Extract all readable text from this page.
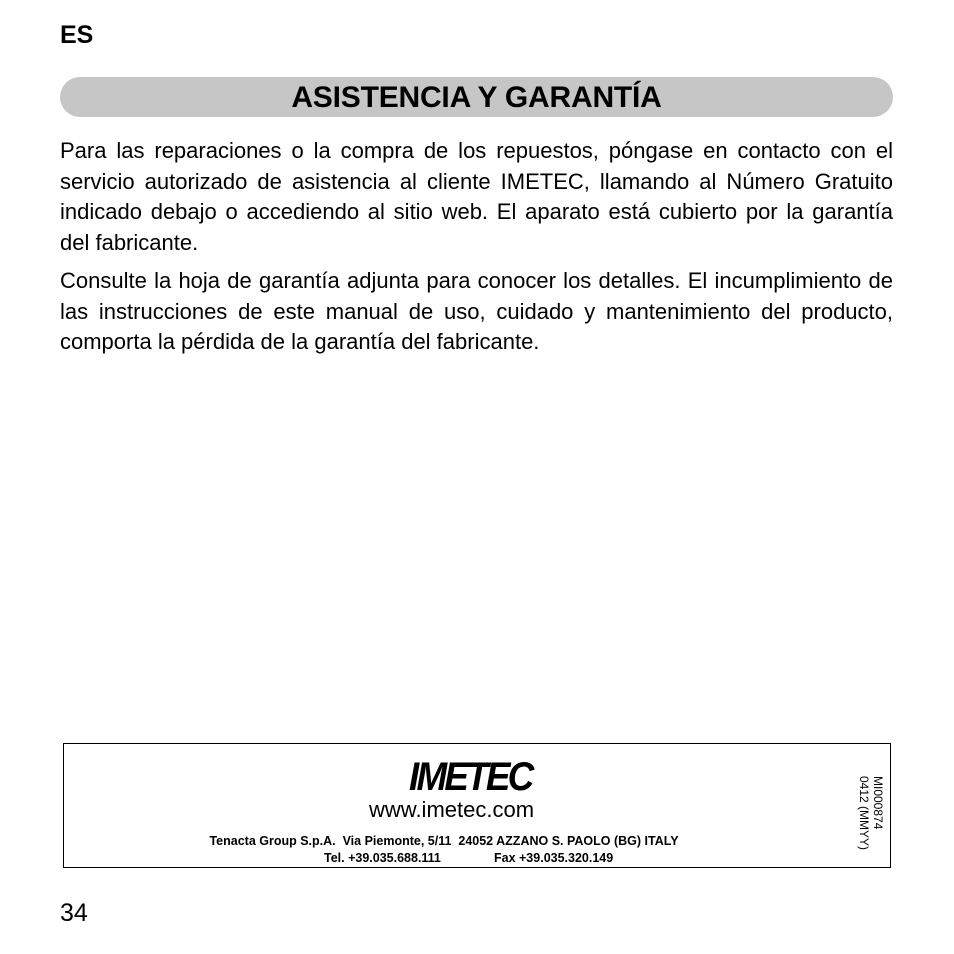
ES
ASISTENCIA Y GARANTÍA

Para las reparaciones o la compra de los repuestos, póngase en contacto con el servicio autorizado de asistencia al cliente IMETEC, llamando al Número Gratuito indicado debajo o accediendo al sitio web. El aparato está cubierto por la garantía del fabricante.

Consulte la hoja de garantía adjunta para conocer los detalles. El incumplimiento de las instrucciones de este manual de uso, cuidado y mantenimiento del producto, comporta la pérdida de la garantía del fabricante.

IMETEC
www.imetec.com
Tenacta Group S.p.A.  Via Piemonte, 5/11  24052 AZZANO S. PAOLO (BG) ITALY
Tel. +39.035.688.111	Fax +39.035.320.149
MI000874
0412 (MMYY)
34
